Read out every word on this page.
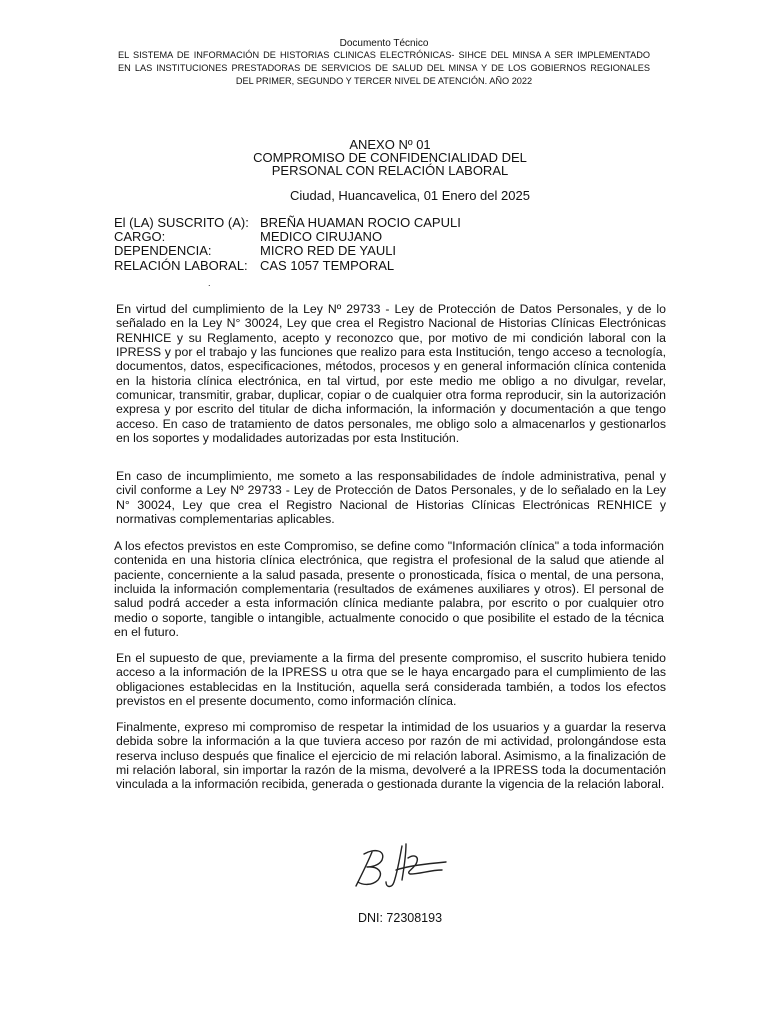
Documento Técnico
EL SISTEMA DE INFORMACIÓN DE HISTORIAS CLINICAS ELECTRÓNICAS- SIHCE DEL MINSA A SER IMPLEMENTADO
EN LAS INSTITUCIONES PRESTADORAS DE SERVICIOS DE SALUD DEL MINSA Y DE LOS GOBIERNOS REGIONALES
DEL PRIMER, SEGUNDO Y TERCER NIVEL DE ATENCIÓN. AÑO 2022
ANEXO Nº 01
COMPROMISO DE CONFIDENCIALIDAD DEL
PERSONAL CON RELACIÓN LABORAL
Ciudad, Huancavelica, 01 Enero del 2025
El (LA) SUSCRITO (A): BREÑA HUAMAN ROCIO CAPULI
CARGO:	MEDICO CIRUJANO
DEPENDENCIA:	MICRO RED DE YAULI
RELACIÓN LABORAL: CAS 1057 TEMPORAL
.

En virtud del cumplimiento de la Ley Nº 29733 - Ley de Protección de Datos Personales, y de lo señalado en la Ley N° 30024, Ley que crea el Registro Nacional de Historias Clínicas Electrónicas RENHICE y su Reglamento, acepto y reconozco que, por motivo de mi condición laboral con la IPRESS y por el trabajo y las funciones que realizo para esta Institución, tengo acceso a tecnología, documentos, datos, especificaciones, métodos, procesos y en general información clínica contenida en la historia clínica electrónica, en tal virtud, por este medio me obligo a no divulgar, revelar, comunicar, transmitir, grabar, duplicar, copiar o de cualquier otra forma reproducir, sin la autorización expresa y por escrito del titular de dicha información, la información y documentación a que tengo acceso. En caso de tratamiento de datos personales, me obligo solo a almacenarlos y gestionarlos en los soportes y modalidades autorizadas por esta Institución.

En caso de incumplimiento, me someto a las responsabilidades de índole administrativa, penal y civil conforme a Ley Nº 29733 - Ley de Protección de Datos Personales, y de lo señalado en la Ley N° 30024, Ley que crea el Registro Nacional de Historias Clínicas Electrónicas RENHICE y normativas complementarias aplicables.

A los efectos previstos en este Compromiso, se define como "Información clínica" a toda información contenida en una historia clínica electrónica, que registra el profesional de la salud que atiende al paciente, concerniente a la salud pasada, presente o pronosticada, física o mental, de una persona, incluida la información complementaria (resultados de exámenes auxiliares y otros). El personal de salud podrá acceder a esta información clínica mediante palabra, por escrito o por cualquier otro medio o soporte, tangible o intangible, actualmente conocido o que posibilite el estado de la técnica en el futuro.

En el supuesto de que, previamente a la firma del presente compromiso, el suscrito hubiera tenido acceso a la información de la IPRESS u otra que se le haya encargado para el cumplimiento de las obligaciones establecidas en la Institución, aquella será considerada también, a todos los efectos previstos en el presente documento, como información clínica.

Finalmente, expreso mi compromiso de respetar la intimidad de los usuarios y a guardar la reserva debida sobre la información a la que tuviera acceso por razón de mi actividad, prolongándose esta reserva incluso después que finalice el ejercicio de mi relación laboral. Asimismo, a la finalización de mi relación laboral, sin importar la razón de la misma, devolveré a la IPRESS toda la documentación vinculada a la información recibida, generada o gestionada durante la vigencia de la relación laboral.

DNI: 72308193
